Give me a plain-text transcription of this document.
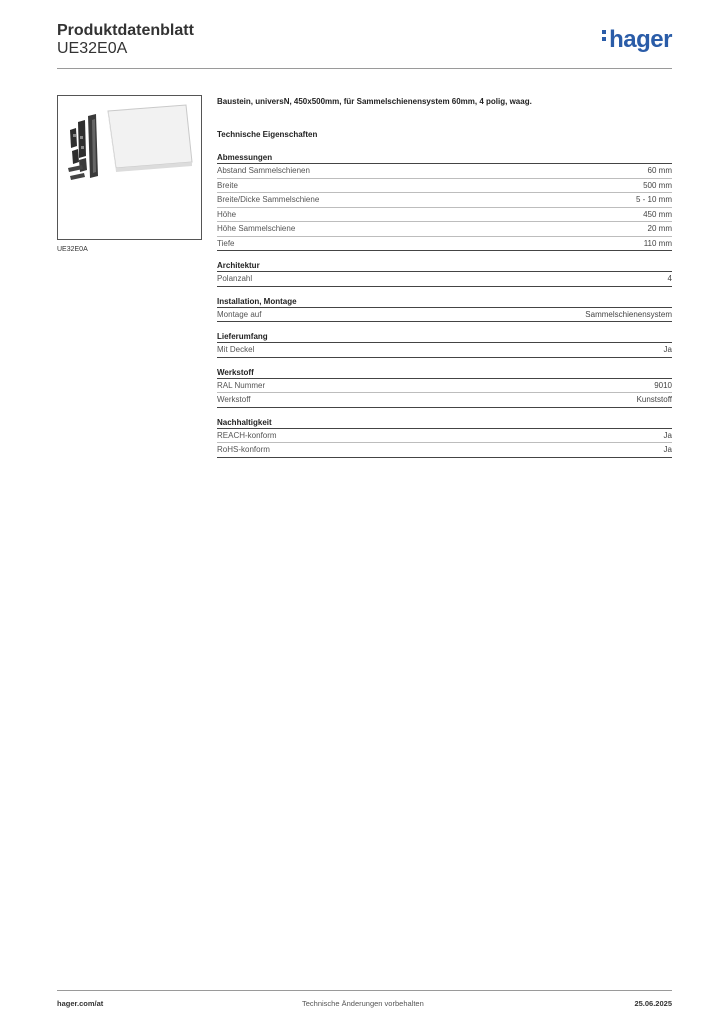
Produktdatenblatt
UE32E0A	hager
UE32E0A
Baustein, universN, 450x500mm, für Sammelschienensystem 60mm, 4 polig, waag.
Technische Eigenschaften
Abmessungen
Abstand Sammelschienen	60 mm
Breite	500 mm
Breite/Dicke Sammelschiene	5 - 10 mm
Höhe	450 mm
Höhe Sammelschiene	20 mm
Tiefe	110 mm
Architektur
Polanzahl	4
Installation, Montage
Montage auf	Sammelschienensystem
Lieferumfang
Mit Deckel	Ja
Werkstoff
RAL Nummer	9010
Werkstoff	Kunststoff
Nachhaltigkeit
REACH-konform	Ja
RoHS-konform	Ja
hager.com/at	Technische Änderungen vorbehalten	25.06.2025
